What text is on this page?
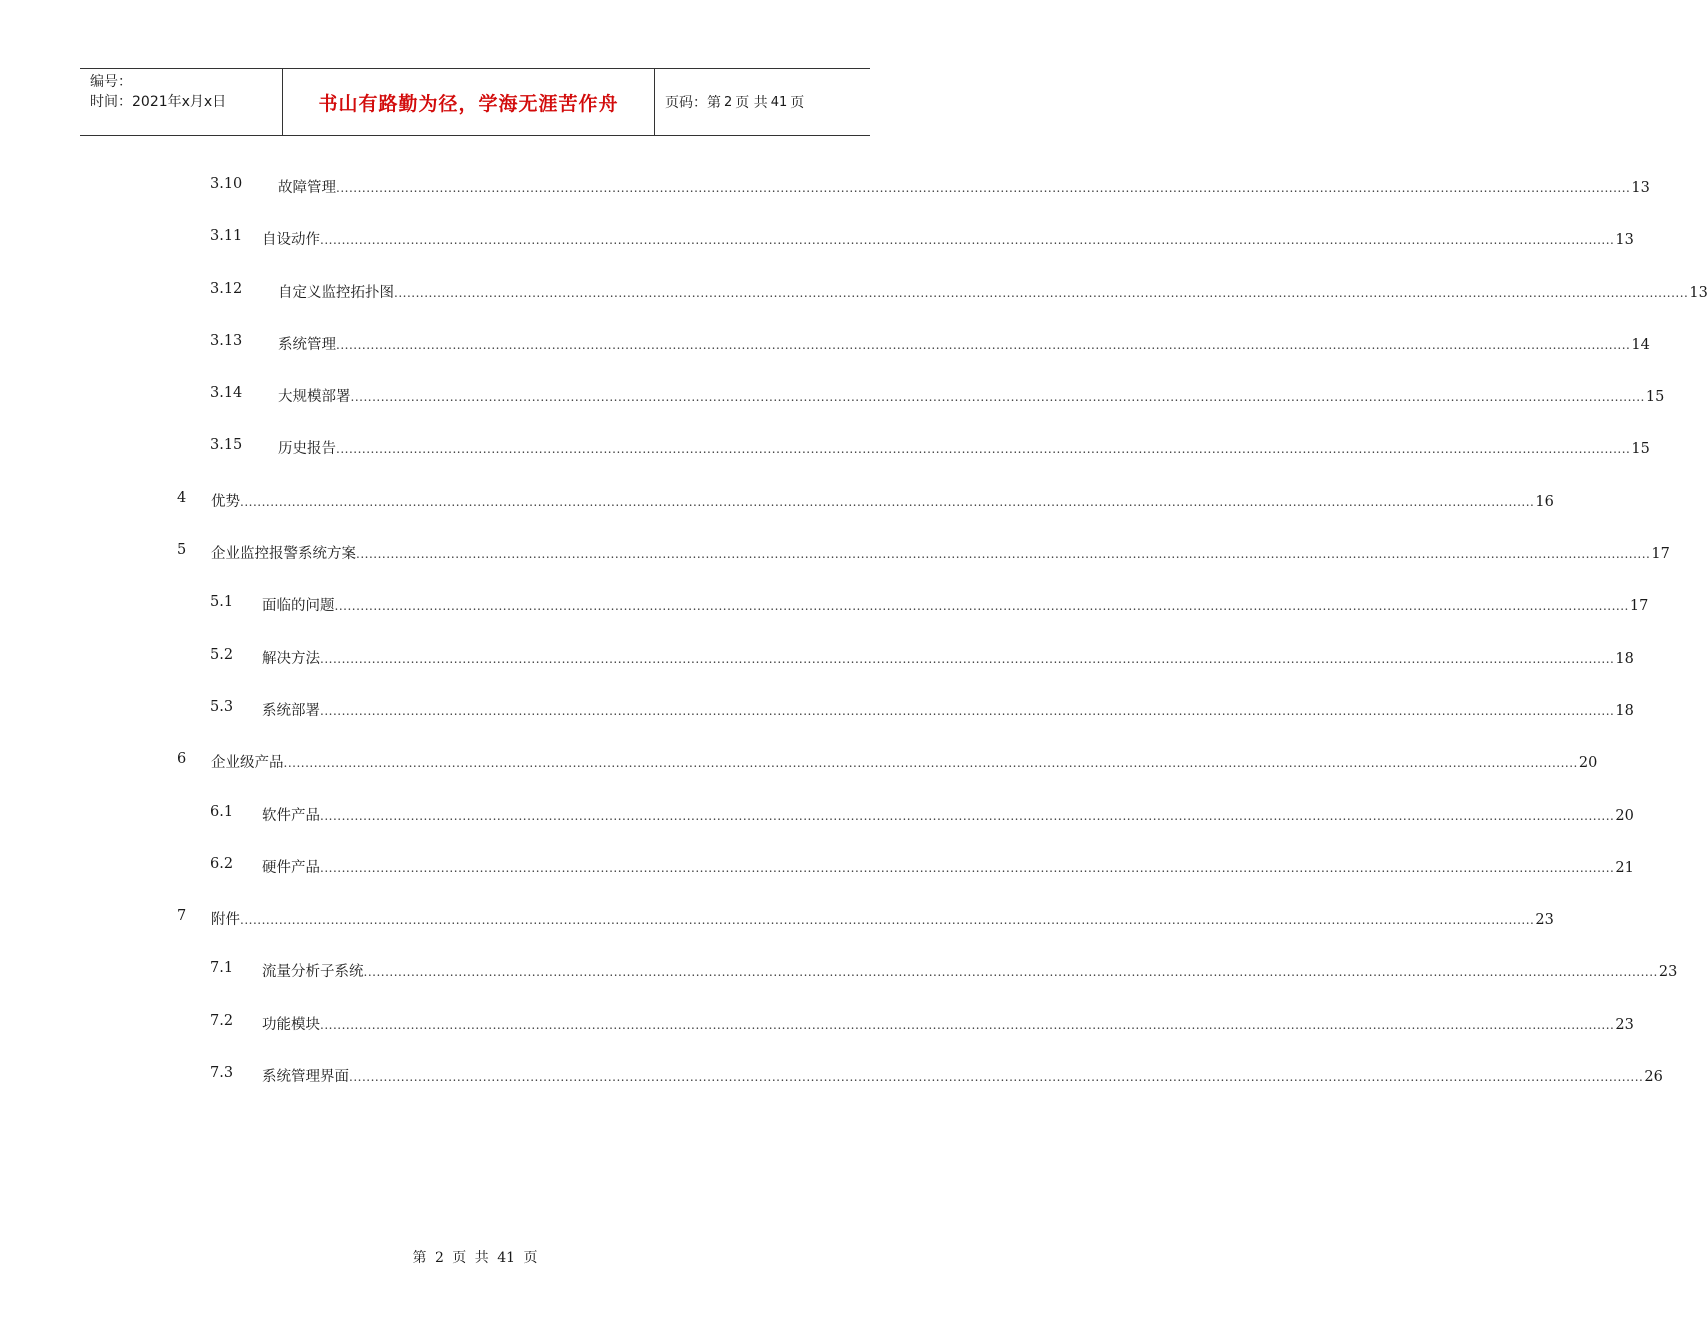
编号：
时间：2021年x月x日	书山有路勤为径，学海无涯苦作舟	页码：第 2 页 共 41 页
3.10 故障管理 ............................................................................................................................................................................................................................................................................................................ 13
3.11 自设动作 ............................................................................................................................................................................................................................................................................................................ 13
3.12 自定义监控拓扑图 ............................................................................................................................................................................................................................................................................................................ 13
3.13 系统管理 ............................................................................................................................................................................................................................................................................................................ 14
3.14 大规模部署 ............................................................................................................................................................................................................................................................................................................ 15
3.15 历史报告 ............................................................................................................................................................................................................................................................................................................ 15
4 优势 ............................................................................................................................................................................................................................................................................................................ 16
5 企业监控报警系统方案 ............................................................................................................................................................................................................................................................................................................ 17
5.1 面临的问题 ............................................................................................................................................................................................................................................................................................................ 17
5.2 解决方法 ............................................................................................................................................................................................................................................................................................................ 18
5.3 系统部署 ............................................................................................................................................................................................................................................................................................................ 18
6 企业级产品 ............................................................................................................................................................................................................................................................................................................ 20
6.1 软件产品 ............................................................................................................................................................................................................................................................................................................ 20
6.2 硬件产品 ............................................................................................................................................................................................................................................................................................................ 21
7 附件 ............................................................................................................................................................................................................................................................................................................ 23
7.1 流量分析子系统 ............................................................................................................................................................................................................................................................................................................ 23
7.2 功能模块 ............................................................................................................................................................................................................................................................................................................ 23
7.3 系统管理界面 ............................................................................................................................................................................................................................................................................................................ 26
第 2 页 共 41 页
